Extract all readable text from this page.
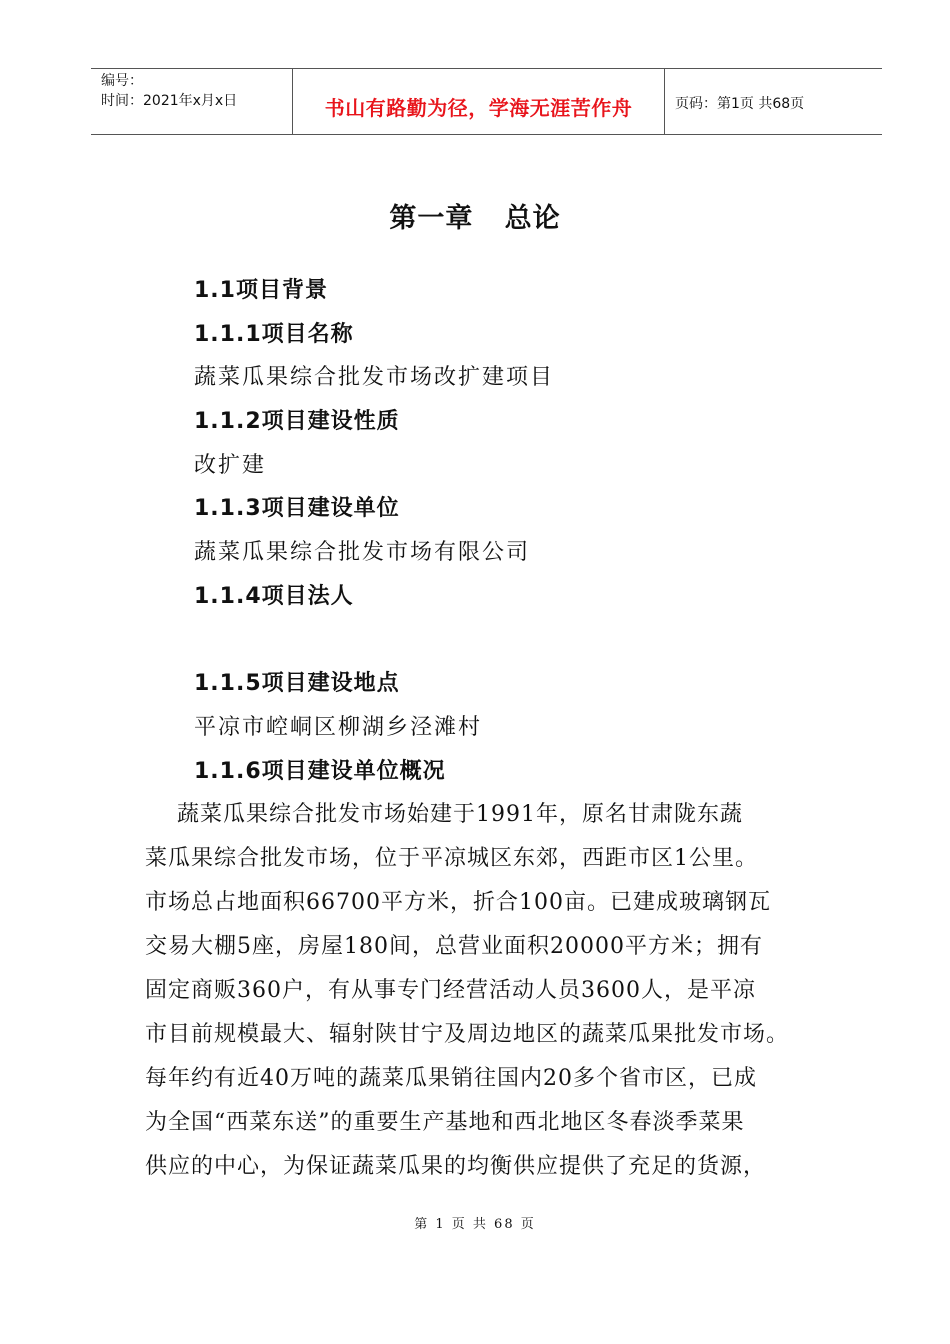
编号：
时间：2021年x月x日	书山有路勤为径，学海无涯苦作舟	页码：第1页 共68页
第一章   总论
1.1项目背景
1.1.1项目名称
蔬菜瓜果综合批发市场改扩建项目
1.1.2项目建设性质
改扩建
1.1.3项目建设单位
蔬菜瓜果综合批发市场有限公司
1.1.4项目法人
1.1.5项目建设地点
平凉市崆峒区柳湖乡泾滩村
1.1.6项目建设单位概况
蔬菜瓜果综合批发市场始建于1991年，原名甘肃陇东蔬
菜瓜果综合批发市场，位于平凉城区东郊，西距市区1公里。
市场总占地面积66700平方米，折合100亩。已建成玻璃钢瓦
交易大棚5座，房屋180间，总营业面积20000平方米；拥有
固定商贩360户，有从事专门经营活动人员3600人，是平凉
市目前规模最大、辐射陕甘宁及周边地区的蔬菜瓜果批发市场。
每年约有近40万吨的蔬菜瓜果销往国内20多个省市区，已成
为全国“西菜东送”的重要生产基地和西北地区冬春淡季菜果
供应的中心，为保证蔬菜瓜果的均衡供应提供了充足的货源，
第 1 页 共 68 页
